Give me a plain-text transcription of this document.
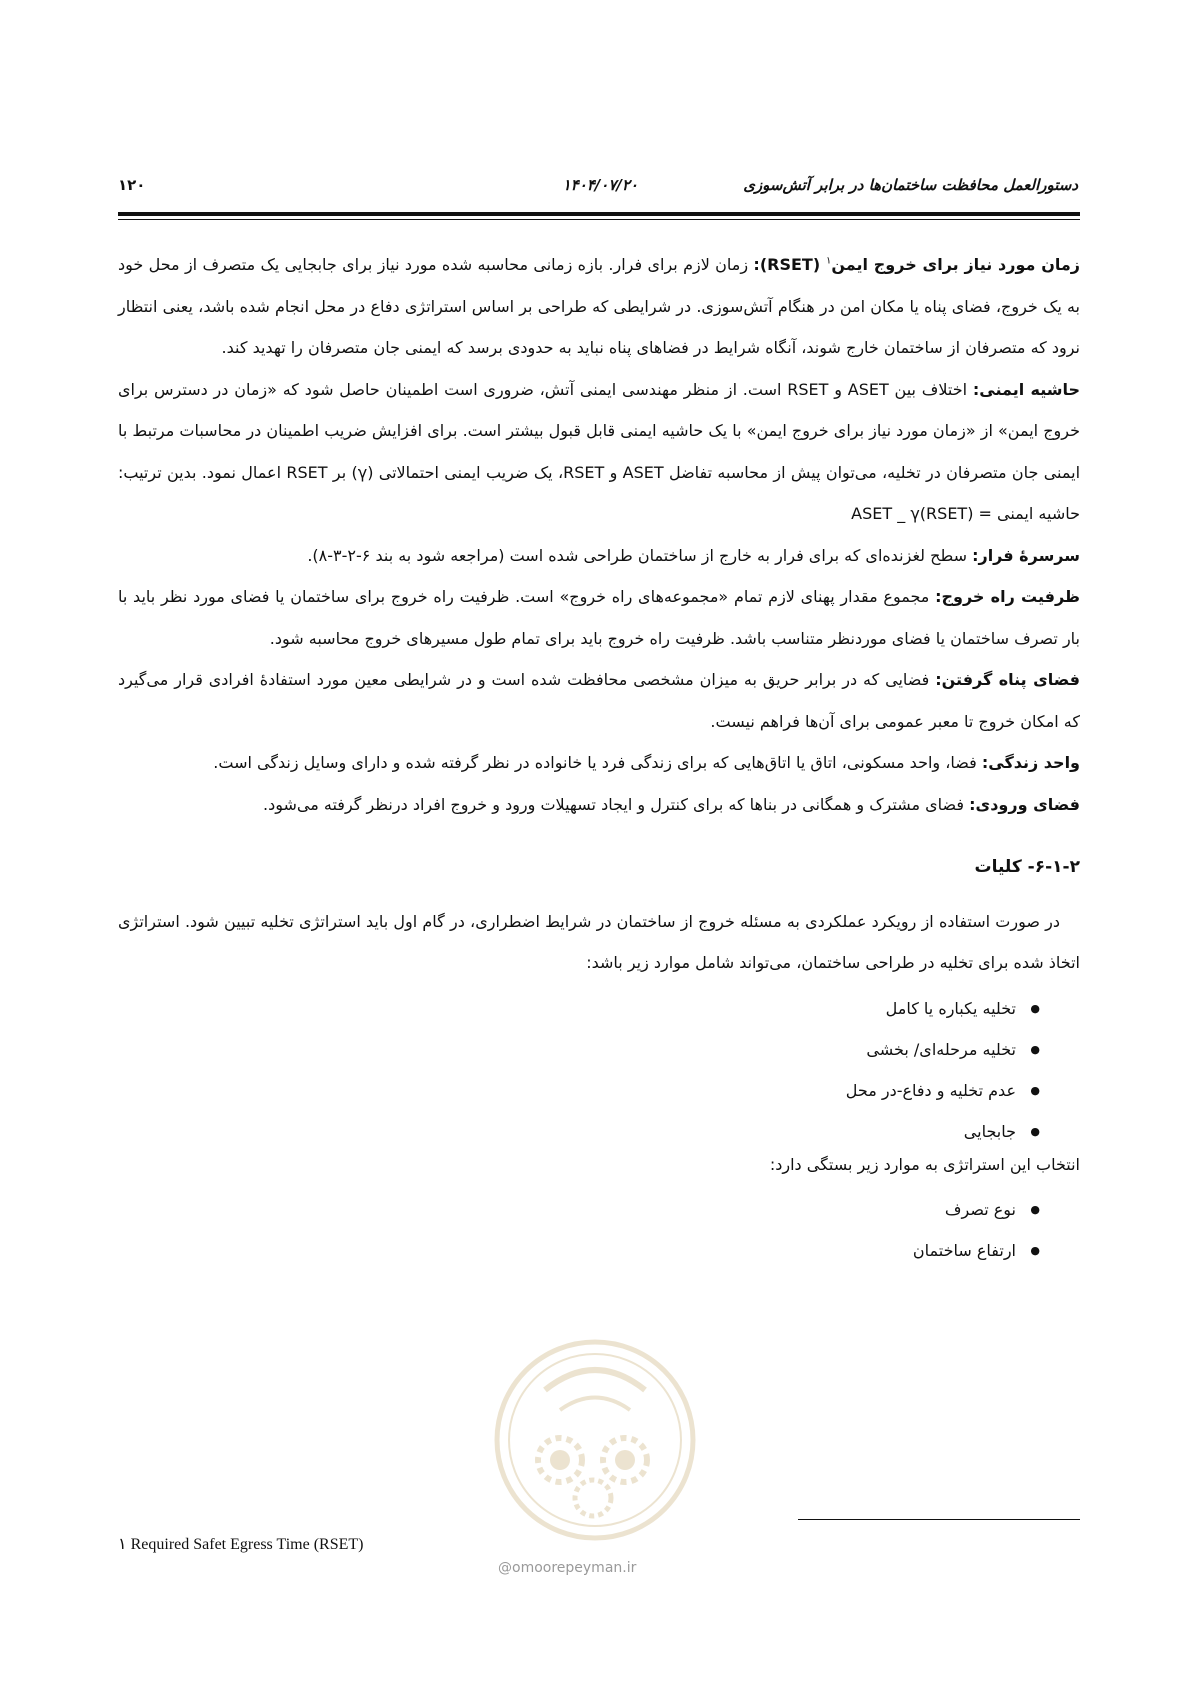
دستورالعمل محافظت ساختمان‌ها در برابر آتش‌سوزی
۱۴۰۴/۰۷/۲۰
۱۲۰

زمان مورد نیاز برای خروج ایمن$^۱$ (RSET): زمان لازم برای فرار. بازه زمانی محاسبه شده مورد نیاز برای جابجایی یک متصرف از محل خود به یک خروج، فضای پناه یا مکان امن در هنگام آتش‌سوزی. در شرایطی که طراحی بر اساس استراتژی دفاع در محل انجام شده باشد، یعنی انتظار نرود که متصرفان از ساختمان خارج شوند، آنگاه شرایط در فضاهای پناه نباید به حدودی برسد که ایمنی جان متصرفان را تهدید کند.

حاشیه ایمنی: اختلاف بین ASET و RSET است. از منظر مهندسی ایمنی آتش، ضروری است اطمینان حاصل شود که «زمان در دسترس برای خروج ایمن» از «زمان مورد نیاز برای خروج ایمن» با یک حاشیه ایمنی قابل قبول بیشتر است. برای افزایش ضریب اطمینان در محاسبات مرتبط با ایمنی جان متصرفان در تخلیه، می‌توان پیش از محاسبه تفاضل ASET و RSET، یک ضریب ایمنی احتمالاتی (γ) بر RSET اعمال نمود. بدین ترتیب: حاشیه ایمنی = ASET _ γ(RSET)

سرسرهٔ فرار: سطح لغزنده‌ای که برای فرار به خارج از ساختمان طراحی شده است (مراجعه شود به بند ۶-۲-۳-۸).

ظرفیت راه خروج: مجموع مقدار پهنای لازم تمام «مجموعه‌های راه خروج» است. ظرفیت راه خروج برای ساختمان یا فضای مورد نظر باید با بار تصرف ساختمان یا فضای موردنظر متناسب باشد. ظرفیت راه خروج باید برای تمام طول مسیرهای خروج محاسبه شود.

فضای پناه گرفتن: فضایی که در برابر حریق به میزان مشخصی محافظت شده است و در شرایطی معین مورد استفادهٔ افرادی قرار می‌گیرد که امکان خروج تا معبر عمومی برای آن‌ها فراهم نیست.

واحد زندگی: فضا، واحد مسکونی، اتاق یا اتاق‌هایی که برای زندگی فرد یا خانواده در نظر گرفته شده و دارای وسایل زندگی است.

فضای ورودی: فضای مشترک و همگانی در بناها که برای کنترل و ایجاد تسهیلات ورود و خروج افراد درنظر گرفته می‌شود.

۶-۱-۲- کلیات

در صورت استفاده از رویکرد عملکردی به مسئله خروج از ساختمان در شرایط اضطراری، در گام اول باید استراتژی تخلیه تبیین شود. استراتژی اتخاذ شده برای تخلیه در طراحی ساختمان، می‌تواند شامل موارد زیر باشد:

● تخلیه یکباره یا کامل
● تخلیه مرحله‌ای/ بخشی
● عدم تخلیه و دفاع-در محل
● جابجایی

انتخاب این استراتژی به موارد زیر بستگی دارد:

● نوع تصرف
● ارتفاع ساختمان
@omoorepeyman.ir
۱ Required Safet Egress Time (RSET)
